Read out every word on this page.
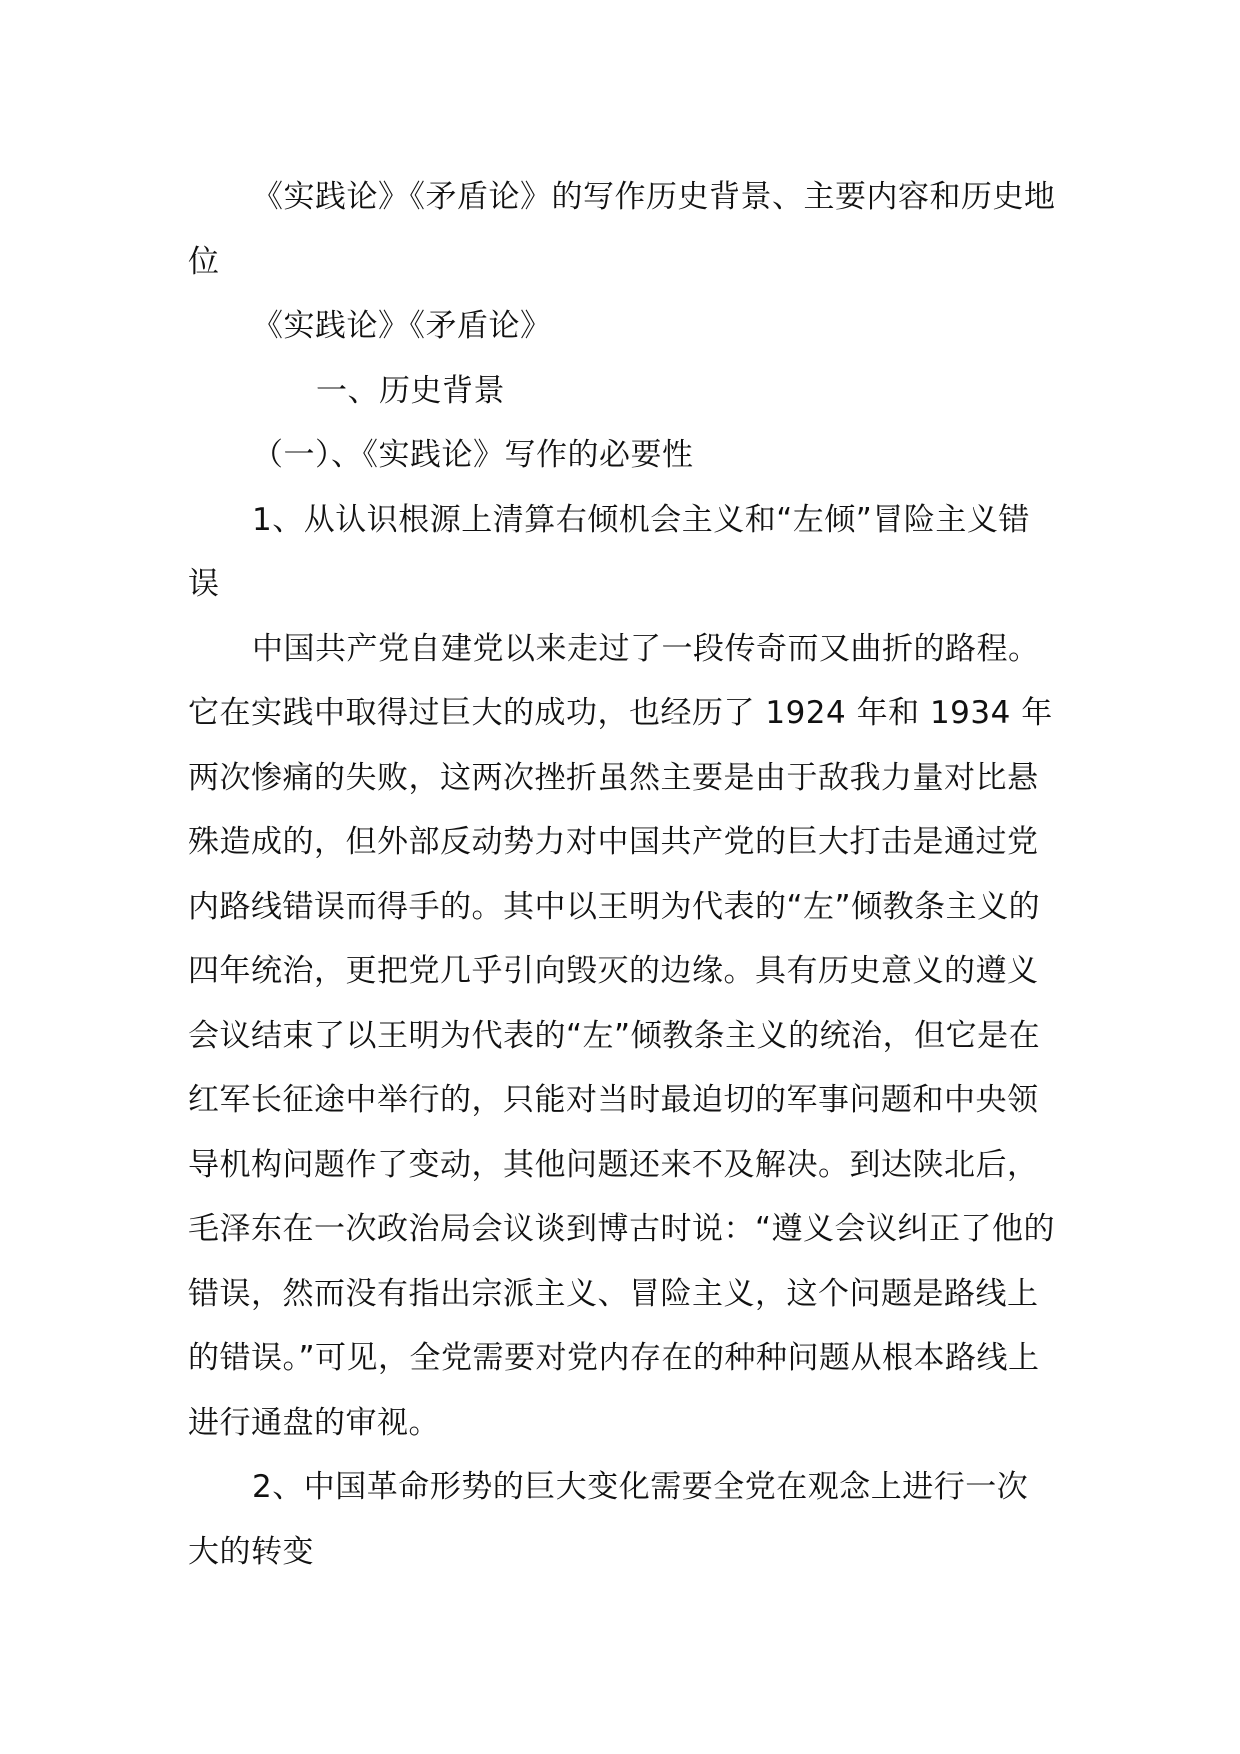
《实践论》《矛盾论》的写作历史背景、主要内容和历史地位

《实践论》《矛盾论》

一、历史背景

（一）、《实践论》写作的必要性

1、从认识根源上清算右倾机会主义和“左倾”冒险主义错误

中国共产党自建党以来走过了一段传奇而又曲折的路程。它在实践中取得过巨大的成功，也经历了 1924 年和 1934 年两次惨痛的失败，这两次挫折虽然主要是由于敌我力量对比悬殊造成的，但外部反动势力对中国共产党的巨大打击是通过党内路线错误而得手的。其中以王明为代表的“左”倾教条主义的四年统治，更把党几乎引向毁灭的边缘。具有历史意义的遵义会议结束了以王明为代表的“左”倾教条主义的统治，但它是在红军长征途中举行的，只能对当时最迫切的军事问题和中央领导机构问题作了变动，其他问题还来不及解决。到达陕北后，毛泽东在一次政治局会议谈到博古时说：“遵义会议纠正了他的错误，然而没有指出宗派主义、冒险主义，这个问题是路线上的错误。”可见，全党需要对党内存在的种种问题从根本路线上进行通盘的审视。

2、中国革命形势的巨大变化需要全党在观念上进行一次大的转变
